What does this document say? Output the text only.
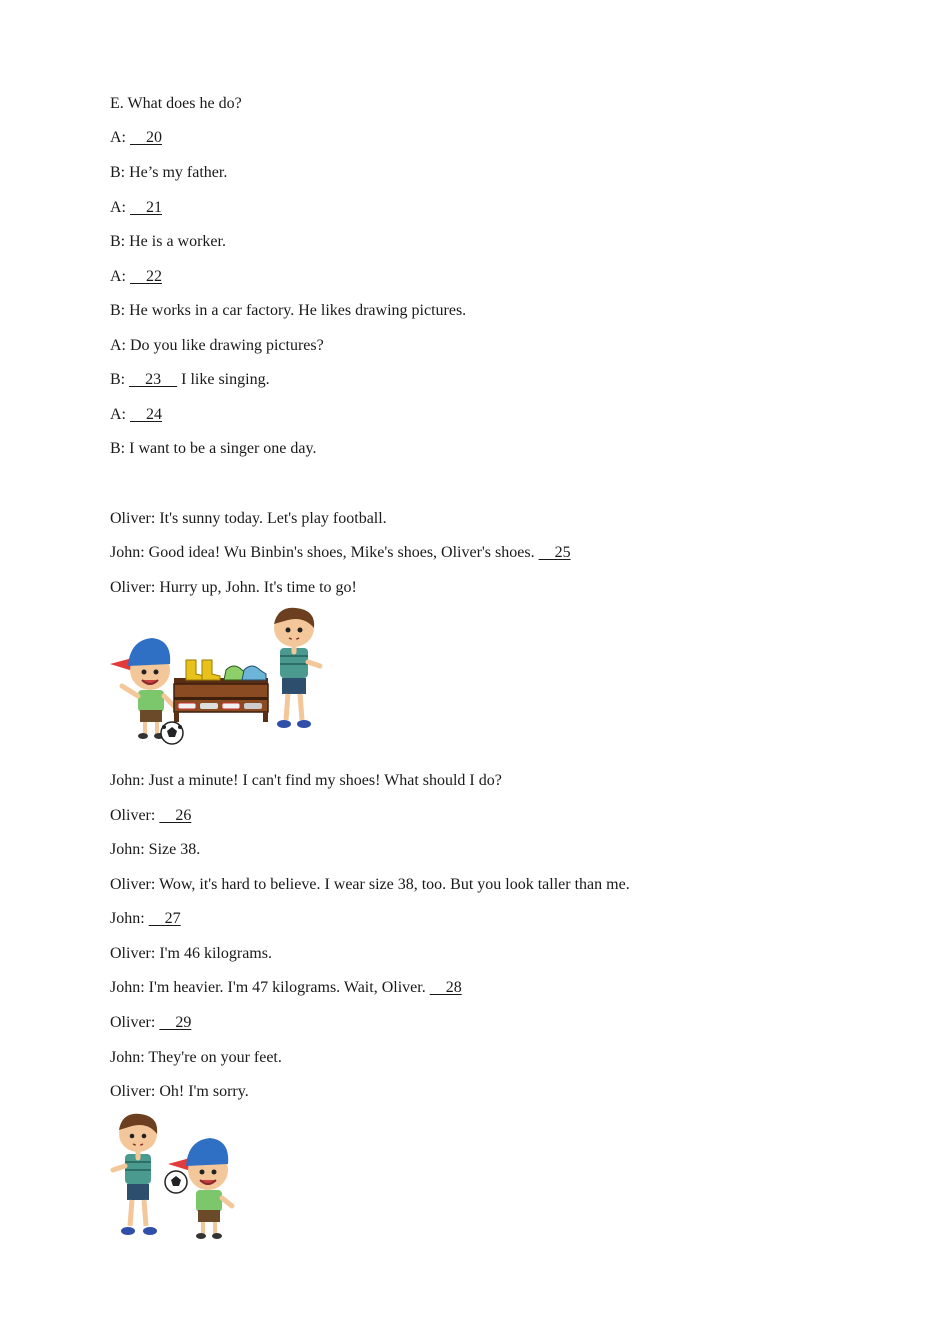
E. What does he do?
A:     20
B: He’s my father.
A:     21
B: He is a worker.
A:     22
B: He works in a car factory. He likes drawing pictures.
A: Do you like drawing pictures?
B:     23     I like singing.
A:     24
B: I want to be a singer one day.
Oliver: It's sunny today. Let's play football.
John: Good idea! Wu Binbin's shoes, Mike's shoes, Oliver's shoes.     25
Oliver: Hurry up, John. It's time to go!
John: Just a minute! I can't find my shoes! What should I do?
Oliver:     26
John: Size 38.
Oliver: Wow, it's hard to believe. I wear size 38, too. But you look taller than me.
John:     27
Oliver: I'm 46 kilograms.
John: I'm heavier. I'm 47 kilograms. Wait, Oliver.     28
Oliver:     29
John: They're on your feet.
Oliver: Oh! I'm sorry.
